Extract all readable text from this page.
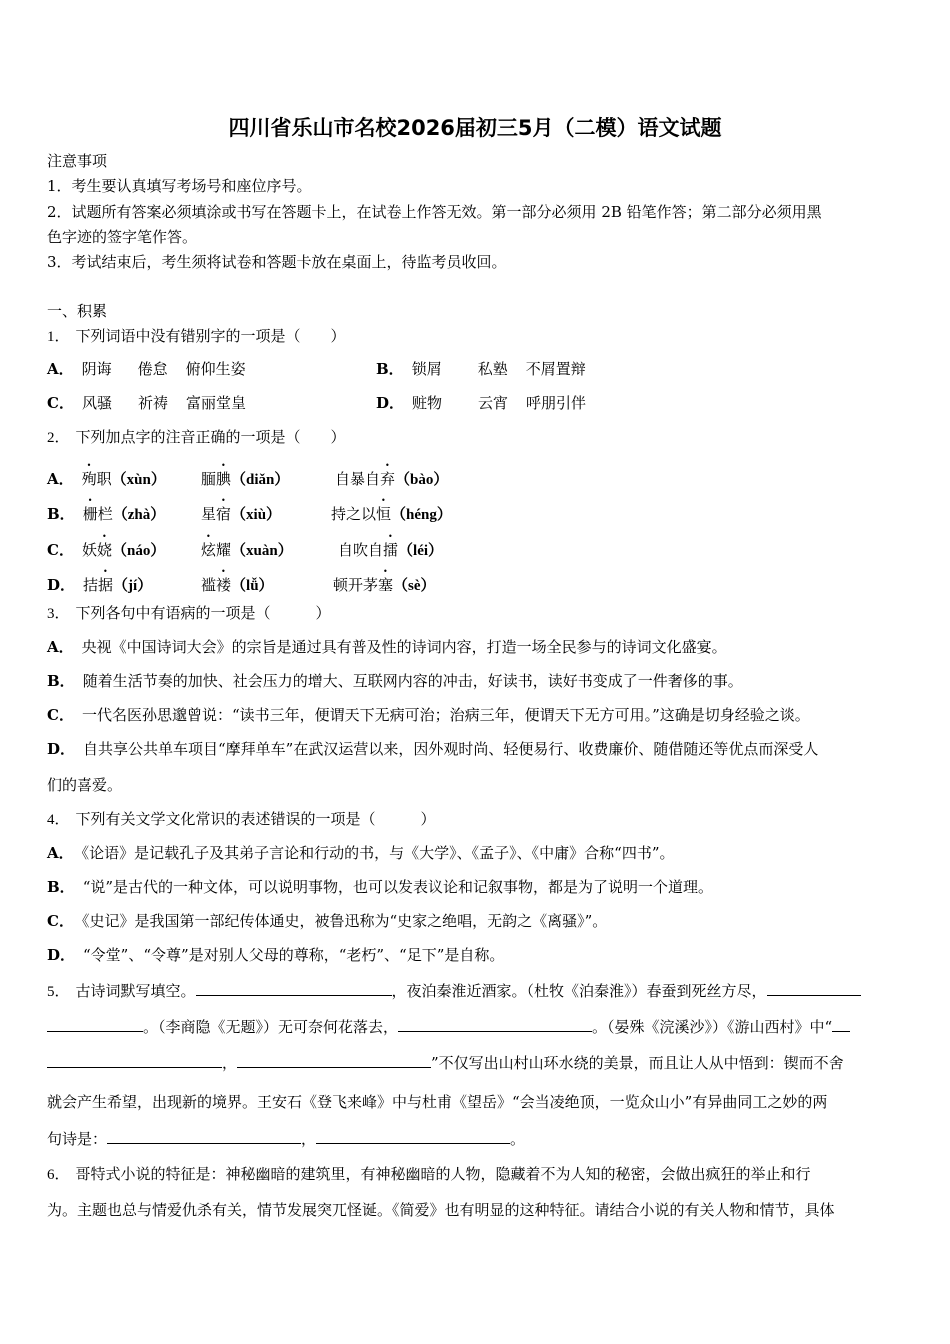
四川省乐山市名校2026届初三5月（二模）语文试题
注意事项
1．考生要认真填写考场号和座位序号。
2．试题所有答案必须填涂或书写在答题卡上，在试卷上作答无效。第一部分必须用 2B 铅笔作答；第二部分必须用黑
色字迹的签字笔作答。
3．考试结束后，考生须将试卷和答题卡放在桌面上，待监考员收回。
一、积累
1． 下列词语中没有错别字的一项是（　　）
A． 阴诲 倦怠 俯仰生姿	B． 锁屑 私塾 不屑置辩
C． 风骚 祈祷 富丽堂皇	D． 赃物 云宵 呼朋引伴
2． 下列加点字的注音正确的一项是（　　）
A． 殉职（xùn） 腼腆（diǎn）	自暴自弃（bào）
B． 栅栏（zhà） 星宿（xiù）	持之以恒（héng）
C． 妖娆（náo） 炫耀（xuàn）	自吹自擂（léi）
D． 拮据（jí）	褴褛（lǚ）	顿开茅塞（sè）
3． 下列各句中有语病的一项是（　　　）
A． 央视《中国诗词大会》的宗旨是通过具有普及性的诗词内容，打造一场全民参与的诗词文化盛宴。
B． 随着生活节奏的加快、社会压力的增大、互联网内容的冲击，好读书，读好书变成了一件奢侈的事。
C． 一代名医孙思邈曾说：“读书三年，便谓天下无病可治；治病三年，便谓天下无方可用。”这确是切身经验之谈。
D． 自共享公共单车项目“摩拜单车”在武汉运营以来，因外观时尚、轻便易行、收费廉价、随借随还等优点而深受人
们的喜爱。
4． 下列有关文学文化常识的表述错误的一项是（　　　）
A． 《论语》是记载孔子及其弟子言论和行动的书，与《大学》、《孟子》、《中庸》合称“四书”。
B． “说”是古代的一种文体，可以说明事物，也可以发表议论和记叙事物，都是为了说明一个道理。
C． 《史记》是我国第一部纪传体通史，被鲁迅称为“史家之绝唱，无韵之《离骚》”。
D． “令堂”、“令尊”是对别人父母的尊称，“老朽”、“足下”是自称。
5． 古诗词默写填空。	，夜泊秦淮近酒家。（杜牧《泊秦淮》）春蚕到死丝方尽，
。（李商隐《无题》）无可奈何花落去，	。（晏殊《浣溪沙》）《游山西村》中“
，	”不仅写出山村山环水绕的美景，而且让人从中悟到：锲而不舍
就会产生希望，出现新的境界。王安石《登飞来峰》中与杜甫《望岳》“会当凌绝顶，一览众山小”有异曲同工之妙的两
句诗是：	，	。
6． 哥特式小说的特征是：神秘幽暗的建筑里，有神秘幽暗的人物，隐藏着不为人知的秘密，会做出疯狂的举止和行
为。主题也总与情爱仇杀有关，情节发展突兀怪诞。《简爱》也有明显的这种特征。请结合小说的有关人物和情节，具体
